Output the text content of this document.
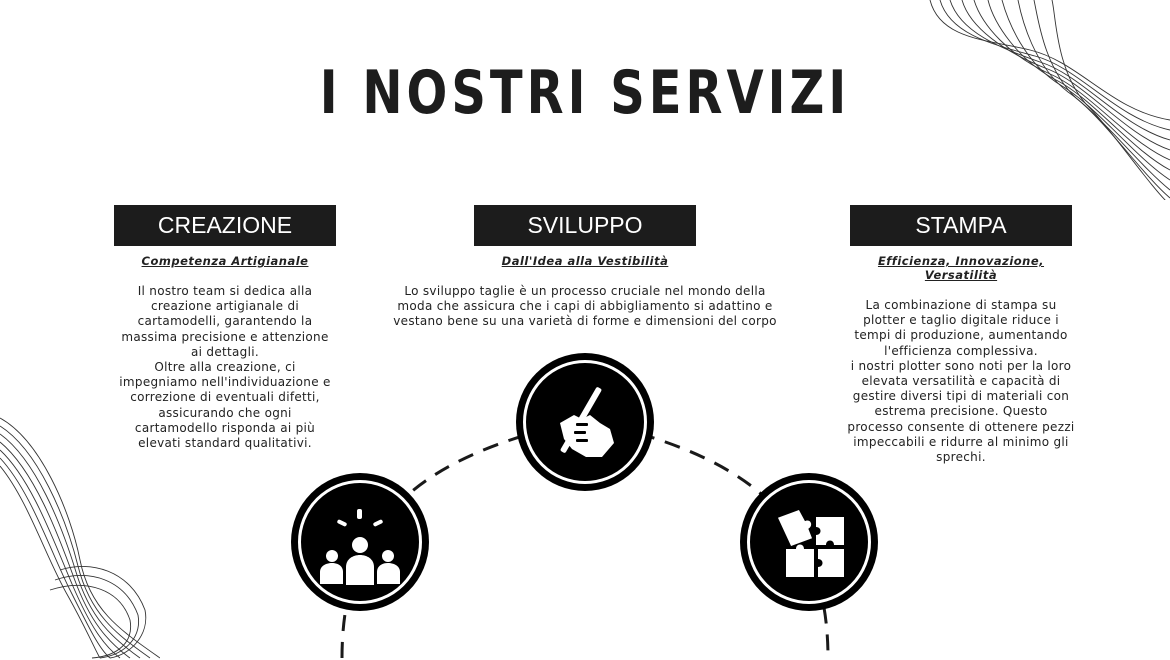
I NOSTRI SERVIZI
CREAZIONE
Competenza Artigianale
Il nostro team si dedica alla
creazione artigianale di
cartamodelli, garantendo la
massima precisione e attenzione
ai dettagli.
Oltre alla creazione, ci
impegniamo nell'individuazione e
correzione di eventuali difetti,
assicurando che ogni
cartamodello risponda ai più
elevati standard qualitativi.
SVILUPPO
Dall'Idea alla Vestibilità
Lo sviluppo taglie è un processo cruciale nel mondo della
moda che assicura che i capi di abbigliamento si adattino e
vestano bene su una varietà di forme e dimensioni del corpo
STAMPA
Efficienza, Innovazione, Versatilità
La combinazione di stampa su
plotter e taglio digitale riduce i
tempi di produzione, aumentando
l'efficienza complessiva.
i nostri plotter sono noti per la loro
elevata versatilità e capacità di
gestire diversi tipi di materiali con
estrema precisione. Questo
processo consente di ottenere pezzi
impeccabili e ridurre al minimo gli
sprechi.
